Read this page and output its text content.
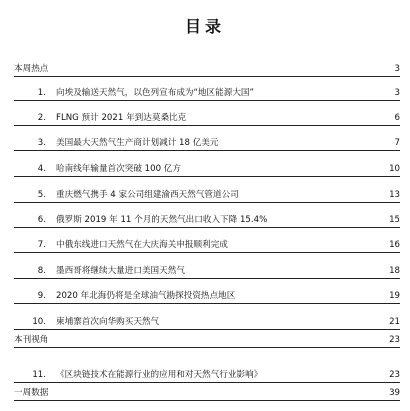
目录
本周热点	3
1. 向埃及输送天然气，以色列宣布成为“地区能源大国”	3
2. FLNG 预计 2021 年到达莫桑比克	6
3. 美国最大天然气生产商计划减计 18 亿美元	7
4. 哈南线年输量首次突破 100 亿方	10
5. 重庆燃气携手 4 家公司组建渝西天然气管道公司	13
6. 俄罗斯 2019 年 11 个月的天然气出口收入下降 15.4%	15
7. 中俄东线进口天然气在大庆海关申报顺利完成	16
8. 墨西哥将继续大量进口美国天然气	18
9. 2020 年北海仍将是全球油气勘探投资热点地区	19
10. 柬埔寨首次向华购买天然气	21
本刊视角	23
11. 《区块链技术在能源行业的应用和对天然气行业影响》	23
一周数据	39
